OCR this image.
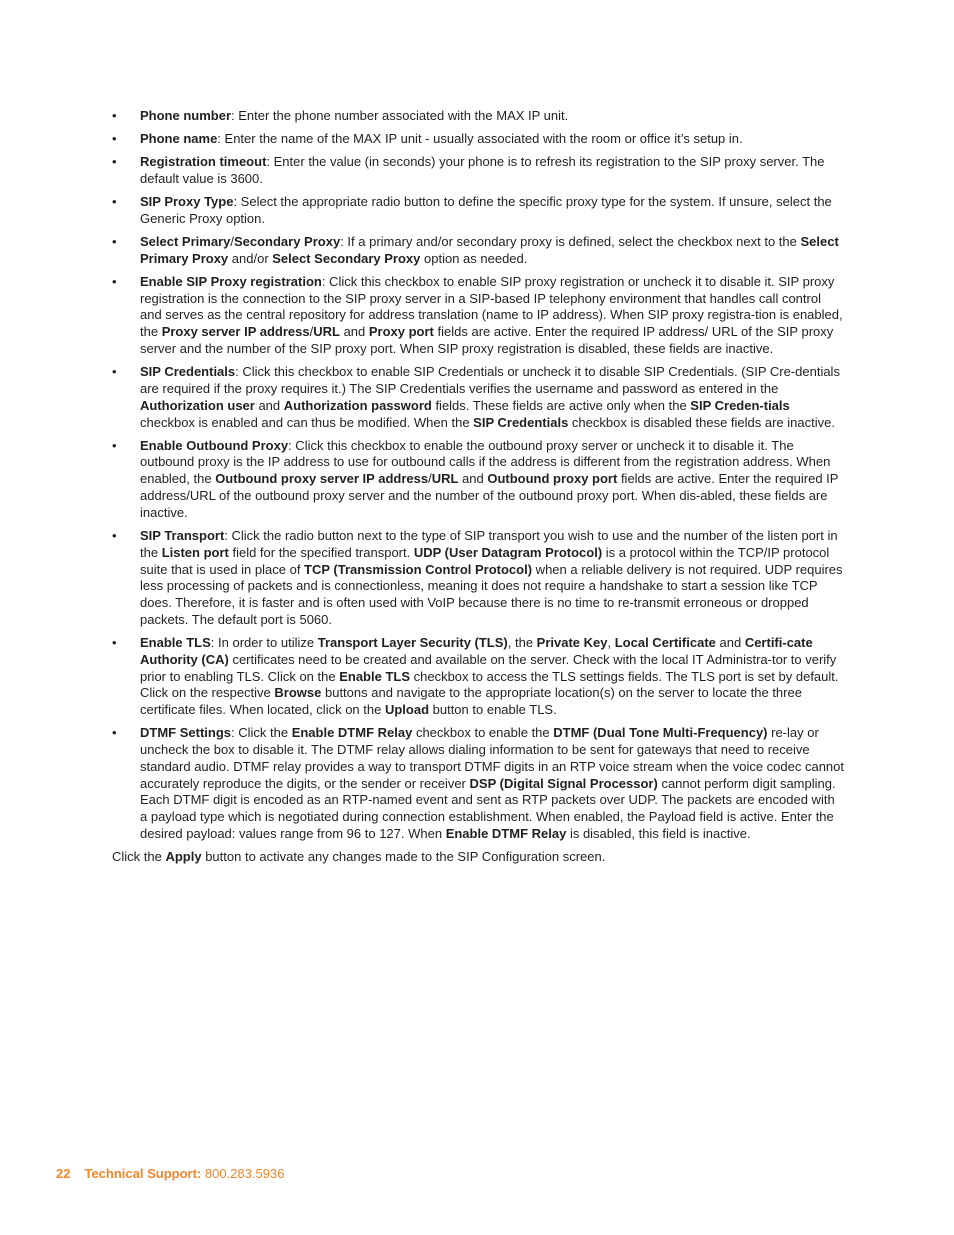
• Phone number: Enter the phone number associated with the MAX IP unit.
• Phone name: Enter the name of the MAX IP unit - usually associated with the room or office it’s setup in.
• Registration timeout: Enter the value (in seconds) your phone is to refresh its registration to the SIP proxy server. The default value is 3600.
• SIP Proxy Type: Select the appropriate radio button to define the specific proxy type for the system. If unsure, select the Generic Proxy option.
• Select Primary/Secondary Proxy: If a primary and/or secondary proxy is defined, select the checkbox next to the Select Primary Proxy and/or Select Secondary Proxy option as needed.
• Enable SIP Proxy registration: Click this checkbox to enable SIP proxy registration or uncheck it to disable it. SIP proxy registration is the connection to the SIP proxy server in a SIP-based IP telephony environment that handles call control and serves as the central repository for address translation (name to IP address). When SIP proxy registra-tion is enabled, the Proxy server IP address/URL and Proxy port fields are active. Enter the required IP address/ URL of the SIP proxy server and the number of the SIP proxy port. When SIP proxy registration is disabled, these fields are inactive.
• SIP Credentials: Click this checkbox to enable SIP Credentials or uncheck it to disable SIP Credentials. (SIP Cre-dentials are required if the proxy requires it.) The SIP Credentials verifies the username and password as entered in the Authorization user and Authorization password fields. These fields are active only when the SIP Creden-tials checkbox is enabled and can thus be modified. When the SIP Credentials checkbox is disabled these fields are inactive.
• Enable Outbound Proxy: Click this checkbox to enable the outbound proxy server or uncheck it to disable it. The outbound proxy is the IP address to use for outbound calls if the address is different from the registration address. When enabled, the Outbound proxy server IP address/URL and Outbound proxy port fields are active. Enter the required IP address/URL of the outbound proxy server and the number of the outbound proxy port. When dis-abled, these fields are inactive.
• SIP Transport: Click the radio button next to the type of SIP transport you wish to use and the number of the listen port in the Listen port field for the specified transport. UDP (User Datagram Protocol) is a protocol within the TCP/IP protocol suite that is used in place of TCP (Transmission Control Protocol) when a reliable delivery is not required. UDP requires less processing of packets and is connectionless, meaning it does not require a handshake to start a session like TCP does. Therefore, it is faster and is often used with VoIP because there is no time to re-transmit erroneous or dropped packets. The default port is 5060.
• Enable TLS: In order to utilize Transport Layer Security (TLS), the Private Key, Local Certificate and Certifi-cate Authority (CA) certificates need to be created and available on the server. Check with the local IT Administra-tor to verify prior to enabling TLS. Click on the Enable TLS checkbox to access the TLS settings fields. The TLS port is set by default. Click on the respective Browse buttons and navigate to the appropriate location(s) on the server to locate the three certificate files. When located, click on the Upload button to enable TLS.
• DTMF Settings: Click the Enable DTMF Relay checkbox to enable the DTMF (Dual Tone Multi-Frequency) re-lay or uncheck the box to disable it. The DTMF relay allows dialing information to be sent for gateways that need to receive standard audio. DTMF relay provides a way to transport DTMF digits in an RTP voice stream when the voice codec cannot accurately reproduce the digits, or the sender or receiver DSP (Digital Signal Processor) cannot perform digit sampling. Each DTMF digit is encoded as an RTP-named event and sent as RTP packets over UDP. The packets are encoded with a payload type which is negotiated during connection establishment. When enabled, the Payload field is active. Enter the desired payload: values range from 96 to 127. When Enable DTMF Relay is disabled, this field is inactive.

Click the Apply button to activate any changes made to the SIP Configuration screen.

22 Technical Support: 800.283.5936
